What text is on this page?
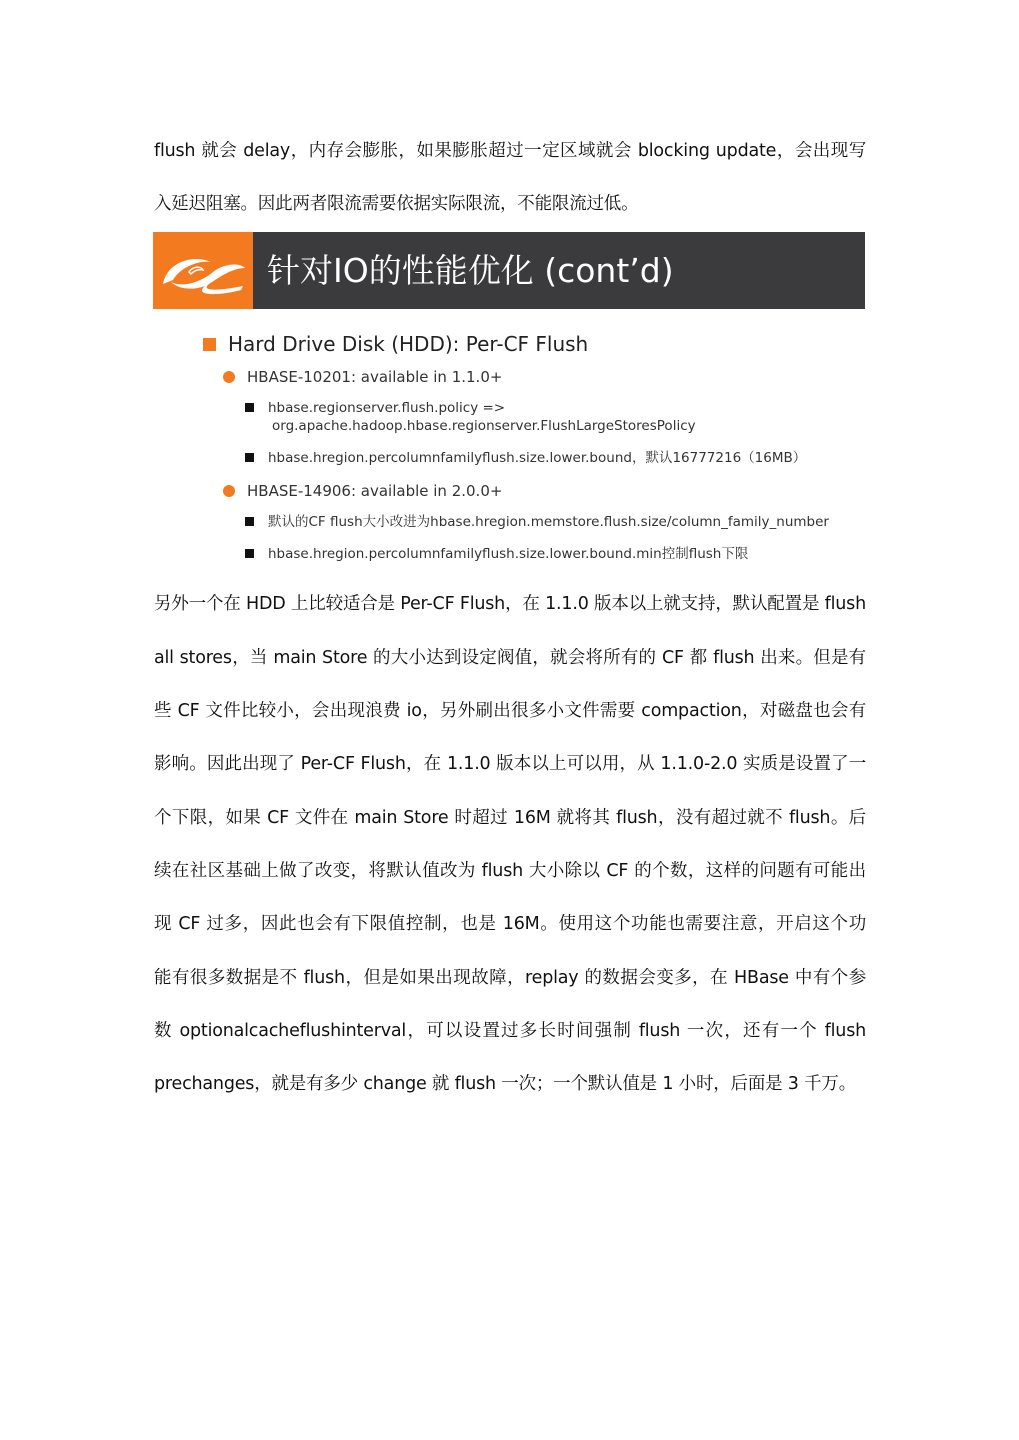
flush 就会 delay，内存会膨胀，如果膨胀超过一定区域就会 blocking update，会出现写
入延迟阻塞。因此两者限流需要依据实际限流，不能限流过低。
针对IO的性能优化 (cont’d)
Hard Drive Disk (HDD): Per-CF Flush
HBASE-10201: available in 1.1.0+
hbase.regionserver.flush.policy =>
org.apache.hadoop.hbase.regionserver.FlushLargeStoresPolicy
hbase.hregion.percolumnfamilyflush.size.lower.bound，默认16777216（16MB）
HBASE-14906: available in 2.0.0+
默认的CF flush大小改进为hbase.hregion.memstore.flush.size/column_family_number
hbase.hregion.percolumnfamilyflush.size.lower.bound.min控制flush下限
另外一个在 HDD 上比较适合是 Per-CF Flush，在 1.1.0 版本以上就支持，默认配置是 flush
all stores，当 main Store 的大小达到设定阀值，就会将所有的 CF 都 flush 出来。但是有
些 CF 文件比较小，会出现浪费 io，另外刷出很多小文件需要 compaction，对磁盘也会有
影响。因此出现了 Per-CF Flush，在 1.1.0 版本以上可以用，从 1.1.0-2.0 实质是设置了一
个下限，如果 CF 文件在 main Store 时超过 16M 就将其 flush，没有超过就不 flush。后
续在社区基础上做了改变，将默认值改为 flush 大小除以 CF 的个数，这样的问题有可能出
现 CF 过多，因此也会有下限值控制，也是 16M。使用这个功能也需要注意，开启这个功
能有很多数据是不 flush，但是如果出现故障，replay 的数据会变多，在 HBase 中有个参
数 optionalcacheflushinterval，可以设置过多长时间强制 flush 一次，还有一个 flush
prechanges，就是有多少 change 就 flush 一次；一个默认值是 1 小时，后面是 3 千万。
